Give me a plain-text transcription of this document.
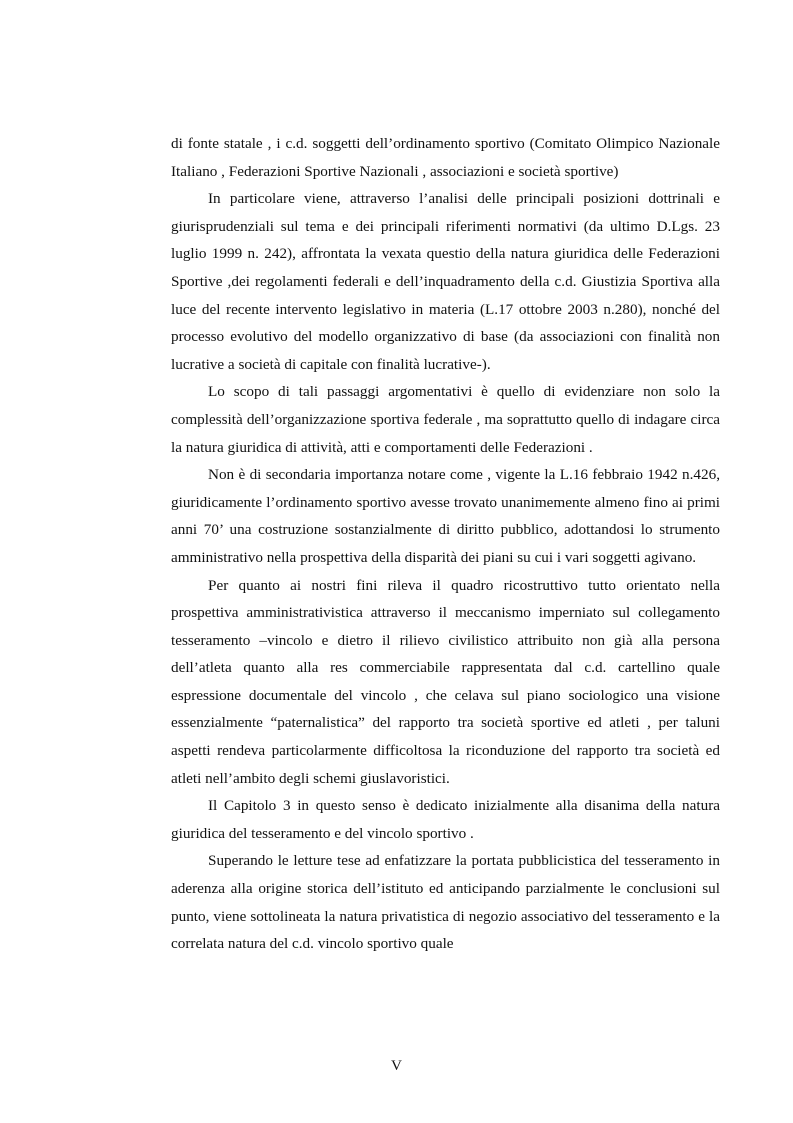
di fonte statale , i c.d. soggetti dell’ordinamento sportivo (Comitato Olimpico Nazionale Italiano , Federazioni Sportive Nazionali , associazioni e società sportive)

In particolare viene, attraverso l’analisi delle principali posizioni dottrinali e giurisprudenziali sul tema e dei principali riferimenti normativi (da ultimo D.Lgs. 23 luglio 1999 n. 242), affrontata la vexata questio della natura giuridica delle Federazioni Sportive ,dei regolamenti federali e dell’inquadramento della c.d. Giustizia Sportiva alla luce del recente intervento legislativo in materia (L.17 ottobre 2003 n.280), nonché del processo evolutivo del modello organizzativo di base (da associazioni con finalità non lucrative a società di capitale con finalità lucrative-).

Lo scopo di tali passaggi argomentativi è quello di evidenziare non solo la complessità dell’organizzazione sportiva federale , ma soprattutto quello di indagare circa la natura giuridica di attività, atti e comportamenti delle Federazioni .

Non è di secondaria importanza notare come , vigente la L.16 febbraio 1942 n.426, giuridicamente l’ordinamento sportivo avesse trovato unanimemente almeno fino ai primi anni 70’ una costruzione sostanzialmente di diritto pubblico, adottandosi lo strumento amministrativo nella prospettiva della disparità dei piani su cui i vari soggetti agivano.

Per quanto ai nostri fini rileva il quadro ricostruttivo tutto orientato nella prospettiva amministrativistica attraverso il meccanismo imperniato sul collegamento tesseramento –vincolo e dietro il rilievo civilistico attribuito non già alla persona dell’atleta quanto alla res commerciabile rappresentata dal c.d. cartellino quale espressione documentale del vincolo , che celava sul piano sociologico una visione essenzialmente “paternalistica” del rapporto tra società sportive ed atleti , per taluni aspetti rendeva particolarmente difficoltosa la riconduzione del rapporto tra società ed atleti nell’ambito degli schemi giuslavoristici.

Il Capitolo 3 in questo senso è dedicato inizialmente alla disanima della natura giuridica del tesseramento e del vincolo sportivo .

Superando le letture tese ad enfatizzare la portata pubblicistica del tesseramento in aderenza alla origine storica dell’istituto ed anticipando parzialmente le conclusioni sul punto, viene sottolineata la natura privatistica di negozio associativo del tesseramento e la correlata natura del c.d. vincolo sportivo quale

V
